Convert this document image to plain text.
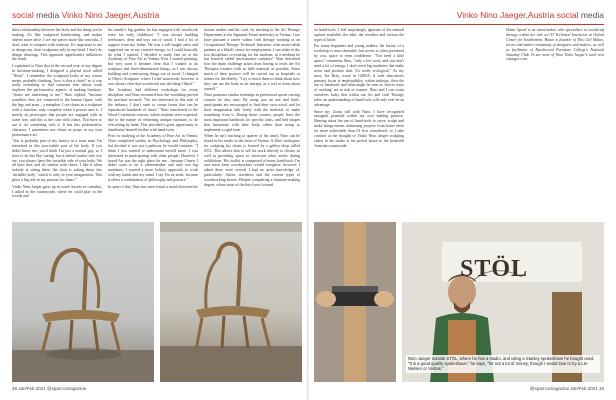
social media Vinko Nino Jaeger,Austria	Vinko Nino Jaeger,Austria social media

direct relationship between the body and the thing you're making. It's like sculptural handwriting, and makes objects more alive. I see my pieces more like artworks, I don't want to compete with industry. It's important to me to design my chair sculptures only in my head. I don't do design drawings. This approach significantly influences the result.

I explained to Nino that in the second year of my degree in furniture-making, I designed a playful stool called "Nimy". I remember the sculptural looks of my course mates, probably thinking, 'how is that a chair?' so it was really refreshing to find someone else whose work explores the performative aspects of making furniture. "chairs are interesting to me," Nino replied, "because somehow they are connected to the human figure, with the legs and arms... a metaphor. I see chairs as a sculpture with a function: only complete when a person uses it. I mostly do prototypes that people are engaged with in some way, and this is the case with chairs. You have to use it, do something with it. It has this performative character. I sometimes use chairs as props in my own performance art.

"this is probably part of my history as a trans man; I'm interested in this non-visible part of the body. If you didn't know me, you'd think I'm just a normal guy, so I have to do this like 'outing', but it doesn't matter who you are, you always have this invisible side of your body. We all have that, and it's similar with chairs. I like it when nobody is sitting there, the chair is asking about this 'invisible body', which is only in your imagination. This plays a big role in my passion for chairs."

Vinko Nino Jaeger grew up in south Austria in carinthia, I asked in the countryside, where he could play in the woods and

his family's big garden, he has engaged with woodwork since his early childhood. "I was always building treehouses, dens and toys out of wood. I had a lot of support from my father. He was a self-taught artist and supported me in my creative energy, so I could basically do what I wanted. I decided to study fine art at the Academy of Fine Art in Vienna. First I started painting, but very soon it became clear that I wanted to do sculpture and three-dimensional things, as I was always building and constructing things out of wood. I changed to Object Sculpture, where I tried stonework, however it was always clear that woodwork was the thing I liked."

The Academy had different workshops for every discipline, and Nino recounted how the woodshop proved his machine focused: "I'm not interested in this side of the industry, I don't want to create forms that can be reproduced hundreds of times." Nino transferred to the Wood I extension courses, where students were expected, due to the nature of relearning antique furniture, to do everything by hand. This provided a great opportunity to familiarise himself further with hand-tools.

Prior to studying at the Academy of Fine Art in Vienna, Nino completed studies in Psychology and Philosophy, but decided it was not a pathway he would continue. "I think I just wanted to understand myself more. I was interested in participating with other people. However I found Art was the right place for me... because I knew I didn't want to be a cabinetmaker and only use big machines. I wanted a more holistic approach, to work with my hands and my mind. I say I'm an artist, because it offers a combination of philosophy and practice."

In spite of this, Nino has since found a match between his

former studies and his craft, by teaching in the Art Therapy Department at the Sigmund Freud university in Vienna. I too have pursued a career within craft therapy working as an Occupational Therapy Technical Instructor with neuro-rehab patients at a blind's centre for employment. I can relate to the two disciplines co-existing for his students, in a medium he has fostered called 'performative sculpture'. Nino described how the main challenge arises from having to teach the Art Therapist trainees with as little material as possible, Since much of their practice will be carried out in hospitals or homes for the elderly. "I try to teach them to think about how they can use the body in art therapy, as a tool to learn about oneself."

Nino promotes similar teachings in greenwood spoon carving courses he also runs. By using just an axe and knife, participants are encouraged to find their own wood, and let their imagination talk freely with the material, to make something from it. During these courses, people learn the most important handtools for specific tasks, and find shapes that harmonise with their body, rather than trying to implement a rigid form.

When he isn't teaching (a quarter of his time), Nino can be found in his studio in the heart of Vienna. A 20m² workspace for sculpting his chairs is fronted by a gallery-shop called d'OL. This allows him to sell his work directly to clients, as well as providing space to showcase other artists during exhibitions. His toolkit is comprised of many hand-tools I'm sure most keen woodworkers would recognise, however I admit there were several I had no prior knowledge of, particularly: Adzes, travishers and the various types of woodworking knives. Despite completing a furniture-making degree, where most of the third year focused

on hand-tools, I feel surprisingly ignorant of the manual options available; the adze, the travisher and various the types of knife.

For many beginners and young makers, the luxury of a workshop is most desirable, but access is often prevented by cost, space or even confidence. "You need a little space," comments Nino, "only a few tools, and you don't need a lot of energy. I don't need big machines that make noise and produce dust. It's really ecological." As my tutor, Joe Bray, wrote in GMOZ, if craft education's primary focus is employability within industry, then the use of handtools and what might be seen as 'slower ways of working' are at risk of erasure. Nino and I can count ourselves lucky that within our Art and craft Therapy roles, an understanding of hand-tools will only ever be an advantage.

Since my Zoom call with Nino, I have recognised untapped potential within my own making practice. Hearing about the use of hand-tools to carve, sculpt and make things means unlearning projects from home seem far more achievable than I'd first considered: so I take comfort at the thought of Vinko Nino Jaeger sculpting chairs in his studio at his period house in the beautiful Austrian countryside.

Hattie Speed is an artist-maker, who specialises in woodcraft therapy within her role as OT Technical Instructor at Oxford Centre for Enablement. Hattie is founder of This Girl Makes, an art and maker community of designers and makers, as well as facilitator of Ryuobwood Furniture College's National Saturday Club. To see more of Nino Vinko Jaeger's work visit vnjaeger.com.

STÖL
Nino Jaeger outside STÖL, where he has a studio, and using a Stanley spokeshave he bought used. "It is a good quality spokeshave," he says, "for not a lot of money, though I would love to try a Lie-Nielsen or Veritas."
48 Jan/Feb 2021 @sparrcomagazine	@sparrcomagazine Jan/Feb 2021 49
